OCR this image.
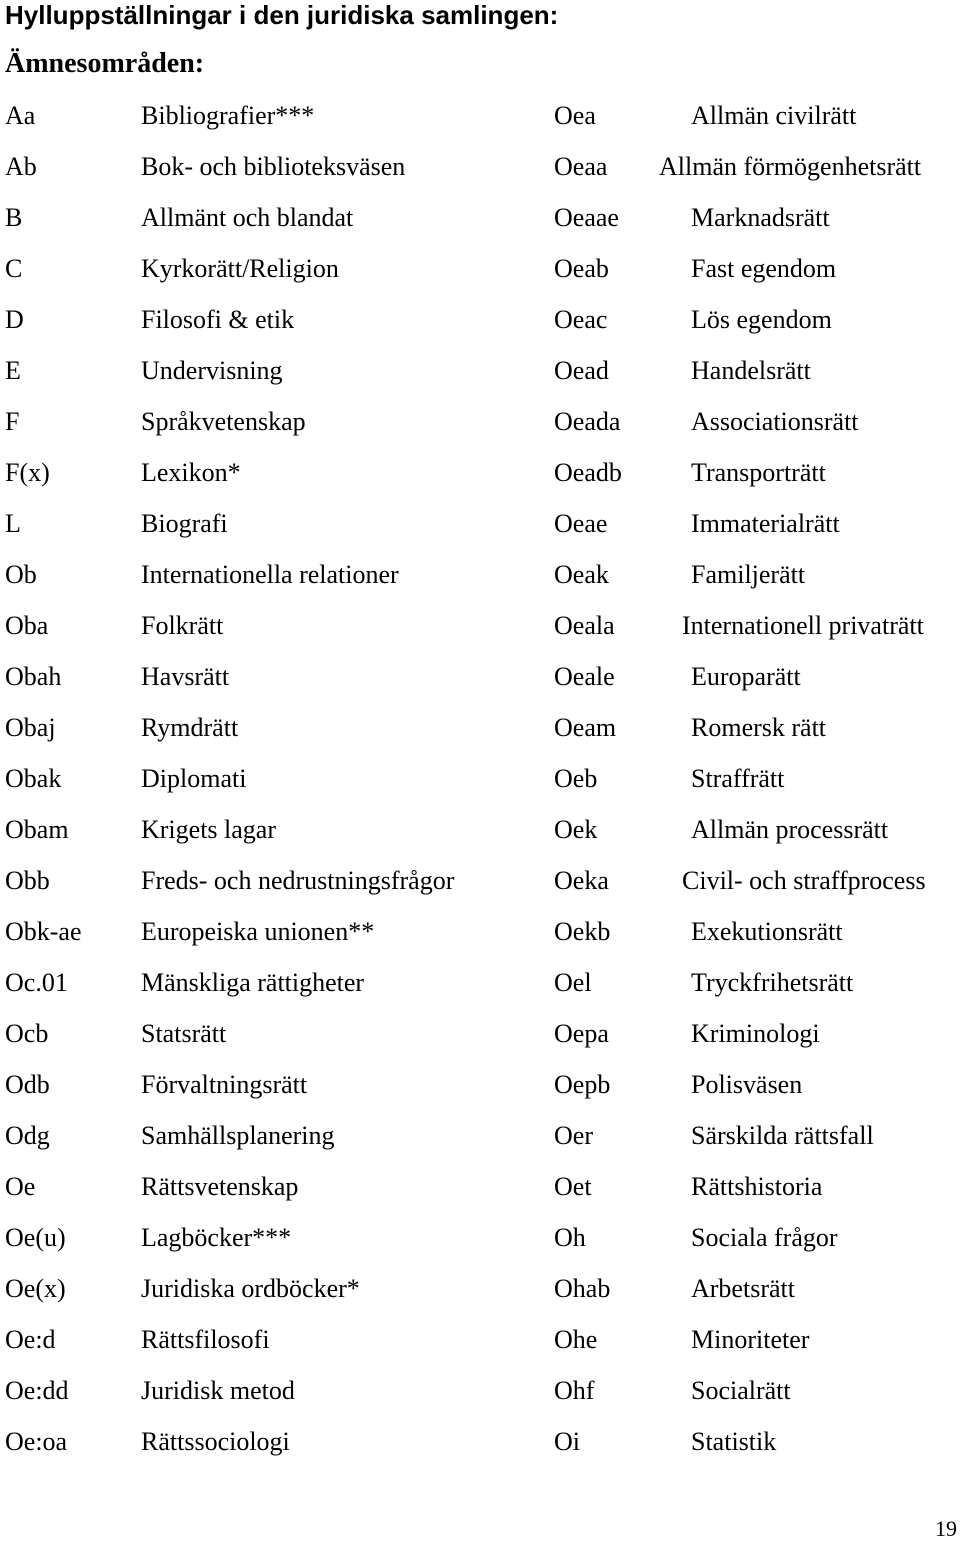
Hylluppställningar i den juridiska samlingen:
Ämnesområden:
Aa	Bibliografier***	Oea	Allmän civilrätt
Ab	Bok- och biblioteksväsen	Oeaa Allmän förmögenhetsrätt
B	Allmänt och blandat	Oeaae	Marknadsrätt
C	Kyrkorätt/Religion	Oeab	Fast egendom
D	Filosofi & etik	Oeac	Lös egendom
E	Undervisning	Oead	Handelsrätt
F	Språkvetenskap	Oeada	Associationsrätt
F(x)	Lexikon*	Oeadb	Transporträtt
L	Biografi	Oeae	Immaterialrätt
Ob	Internationella relationer	Oeak	Familjerätt
Oba	Folkrätt	Oeala	Internationell privaträtt
Obah	Havsrätt	Oeale	Europarätt
Obaj	Rymdrätt	Oeam	Romersk rätt
Obak	Diplomati	Oeb	Straffrätt
Obam	Krigets lagar	Oek	Allmän processrätt
Obb	Freds- och nedrustningsfrågor	Oeka	Civil- och straffprocess
Obk-ae Europeiska unionen**	Oekb	Exekutionsrätt
Oc.01	Mänskliga rättigheter	Oel	Tryckfrihetsrätt
Ocb	Statsrätt	Oepa	Kriminologi
Odb	Förvaltningsrätt	Oepb	Polisväsen
Odg	Samhällsplanering	Oer	Särskilda rättsfall
Oe	Rättsvetenskap	Oet	Rättshistoria
Oe(u)	Lagböcker***	Oh	Sociala frågor
Oe(x)	Juridiska ordböcker*	Ohab	Arbetsrätt
Oe:d	Rättsfilosofi	Ohe	Minoriteter
Oe:dd	Juridisk metod	Ohf	Socialrätt
Oe:oa	Rättssociologi	Oi	Statistik
19
